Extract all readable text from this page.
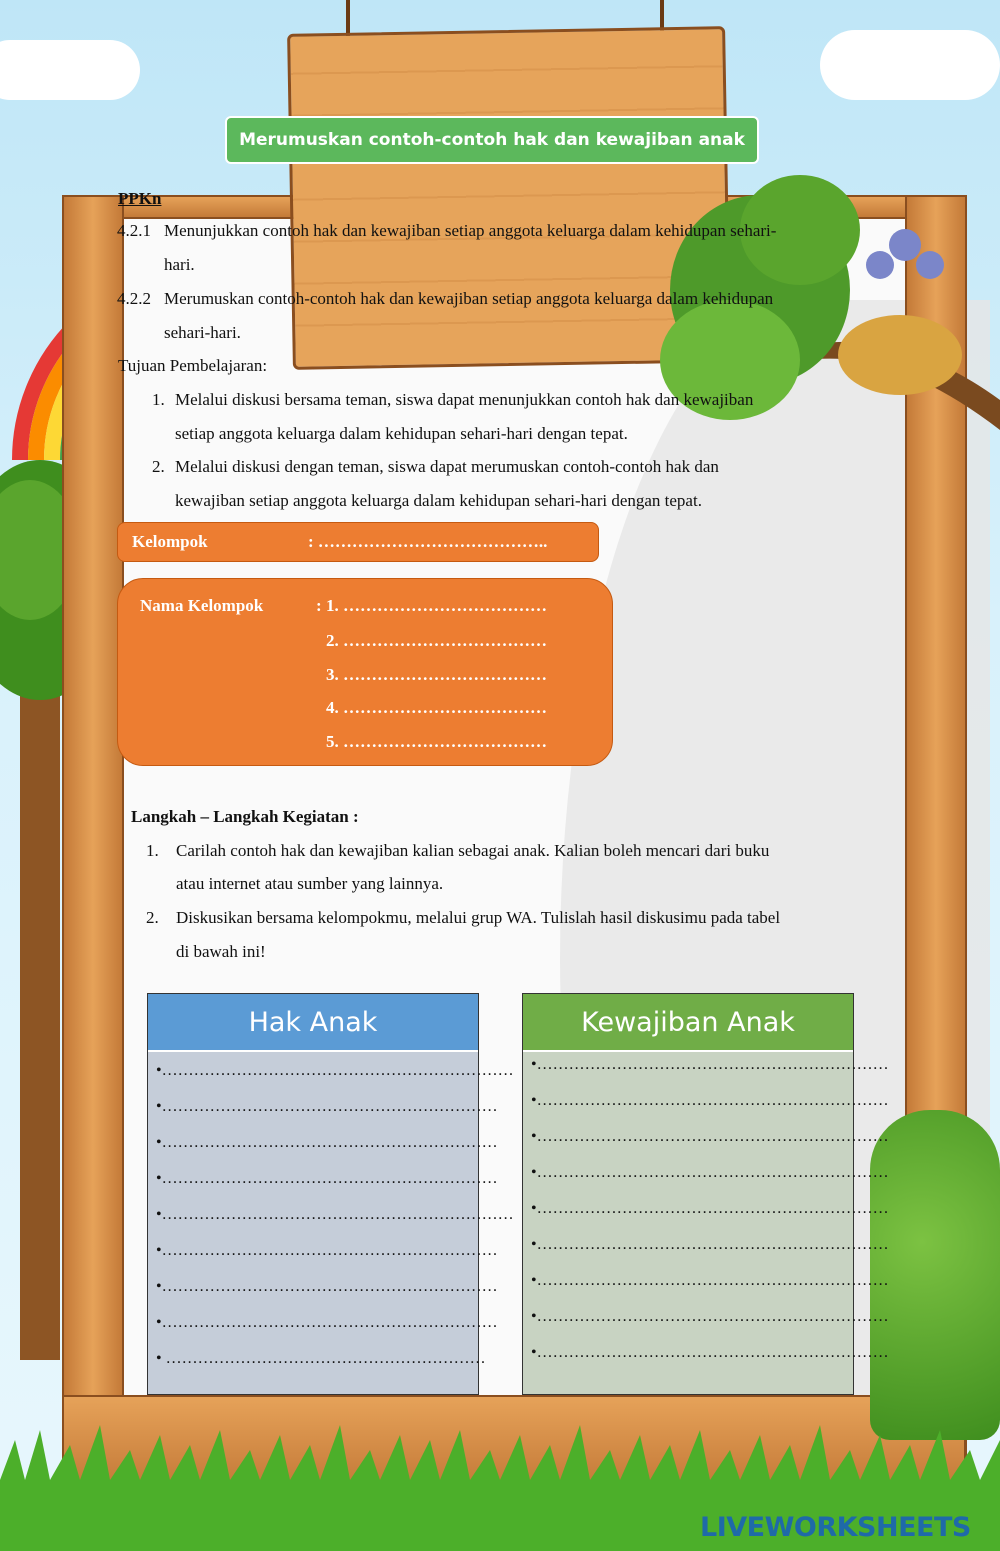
Merumuskan contoh-contoh hak dan kewajiban anak
PPKn
4.2.1 Menunjukkan contoh hak dan kewajiban setiap anggota keluarga dalam kehidupan sehari-
hari.
4.2.2 Merumuskan contoh-contoh hak dan kewajiban setiap anggota keluarga dalam kehidupan
sehari-hari.
Tujuan Pembelajaran:
1. Melalui diskusi bersama teman, siswa dapat menunjukkan contoh hak dan kewajiban
setiap anggota keluarga dalam kehidupan sehari-hari dengan tepat.
2. Melalui diskusi dengan teman, siswa dapat merumuskan contoh-contoh hak dan
kewajiban setiap anggota keluarga dalam kehidupan sehari-hari dengan tepat.
Kelompok	: …………………………………..
Nama Kelompok	: 1. ………………………………
2. ………………………………
3. ………………………………
4. ………………………………
5. ………………………………
Langkah – Langkah Kegiatan :
1. Carilah contoh hak dan kewajiban kalian sebagai anak. Kalian boleh mencari dari buku
atau internet atau sumber yang lainnya.
2. Diskusikan bersama kelompokmu, melalui grup WA. Tulislah hasil diskusimu pada tabel
di bawah ini!
Hak Anak
•…………………………………………………………
•………………………………………………………
•………………………………………………………
•………………………………………………………
•…………………………………………………………
•………………………………………………………
•………………………………………………………
•………………………………………………………
• ……………………………………………………
Kewajiban Anak
•…………………………………………………………
•…………………………………………………………
•…………………………………………………………
•…………………………………………………………
•…………………………………………………………
•…………………………………………………………
•…………………………………………………………
•…………………………………………………………
•…………………………………………………………
LIVEWORKSHEETS
